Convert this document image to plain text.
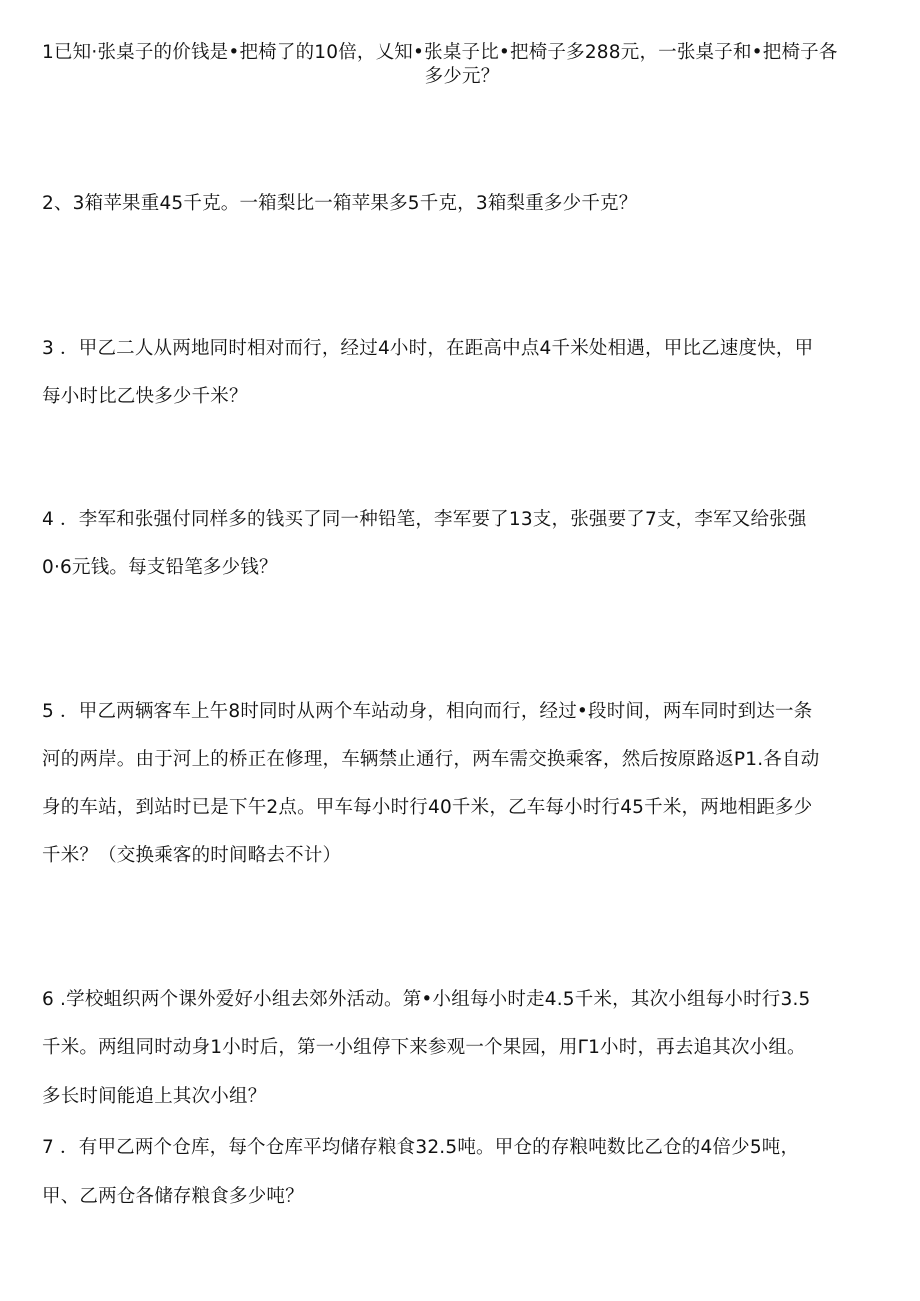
1已知·张桌子的价钱是•把椅了的10倍，乂知•张桌子比•把椅子多288元，一张桌子和•把椅子各
多少元？
2、3箱苹果重45千克。一箱梨比一箱苹果多5千克，3箱梨重多少千克？
3 ．甲乙二人从两地同时相对而行，经过4小时，在距高中点4千米处相遇，甲比乙速度快，甲
每小时比乙快多少千米？
4 ．李军和张强付同样多的钱买了同一种铅笔，李军要了13支，张强要了7支，李军又给张强
0·6元钱。每支铅笔多少钱？
5 ．甲乙两辆客车上午8时同时从两个车站动身，相向而行，经过•段时间，两车同时到达一条
河的两岸。由于河上的桥正在修理，车辆禁止通行，两车需交换乘客，然后按原路返P1.各自动
身的车站，到站时已是下午2点。甲车每小时行40千米，乙车每小时行45千米，两地相距多少
千米？（交换乘客的时间略去不计）
6 .学校蛆织两个课外爱好小组去郊外活动。第•小组每小时走4.5千米，其次小组每小时行3.5
千米。两组同时动身1小时后，第一小组停下来参观一个果园，用Γ1小时，再去追其次小组。
多长时间能追上其次小组？
7 ．有甲乙两个仓库，每个仓库平均储存粮食32.5吨。甲仓的存粮吨数比乙仓的4倍少5吨，
甲、乙两仓各储存粮食多少吨？
